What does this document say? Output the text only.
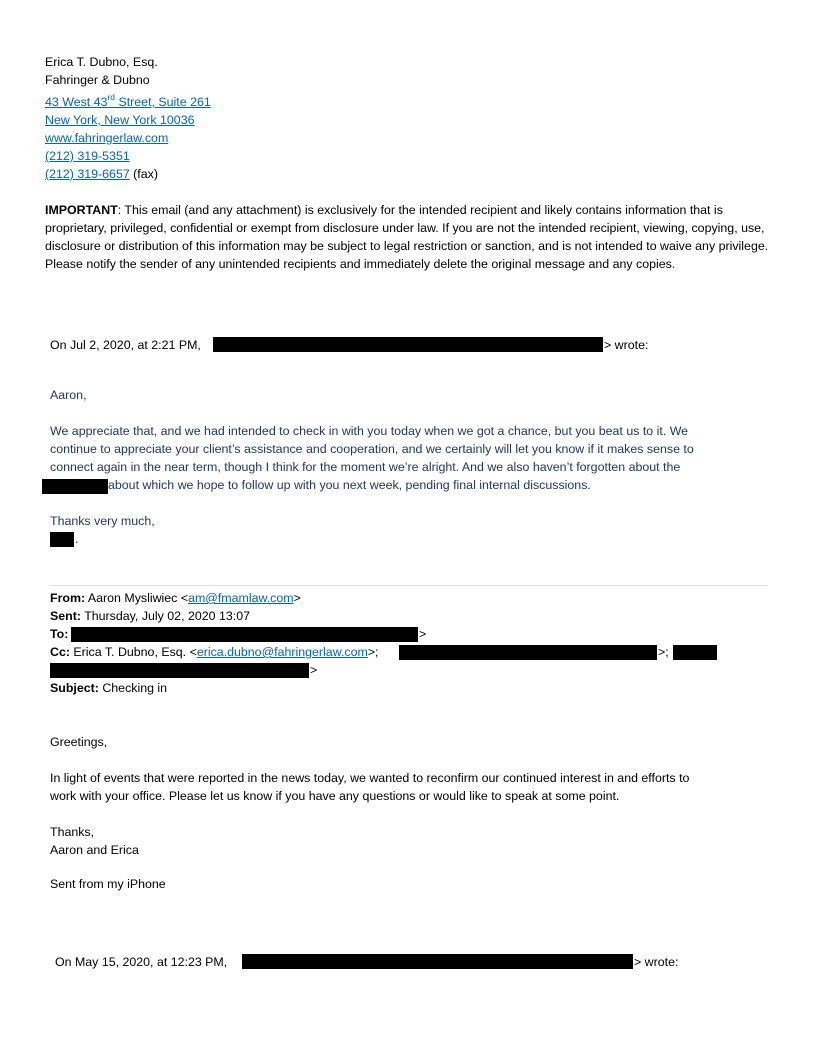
Erica T. Dubno, Esq.
Fahringer & Dubno
43 West 43rd Street, Suite 261
New York, New York 10036
www.fahringerlaw.com
(212) 319-5351
(212) 319-6657 (fax)
IMPORTANT: This email (and any attachment) is exclusively for the intended recipient and likely contains information that is proprietary, privileged, confidential or exempt from disclosure under law. If you are not the intended recipient, viewing, copying, use, disclosure or distribution of this information may be subject to legal restriction or sanction, and is not intended to waive any privilege. Please notify the sender of any unintended recipients and immediately delete the original message and any copies.
On Jul 2, 2020, at 2:21 PM,	> wrote:
Aaron,
We appreciate that, and we had intended to check in with you today when we got a chance, but you beat us to it. We
continue to appreciate your client’s assistance and cooperation, and we certainly will let you know if it makes sense to
connect again in the near term, though I think for the moment we’re alright. And we also haven’t forgotten about the
about which we hope to follow up with you next week, pending final internal discussions.
Thanks very much,
.
From: Aaron Mysliwiec <am@fmamlaw.com>
Sent: Thursday, July 02, 2020 13:07
To:	>
Cc: Erica T. Dubno, Esq. <erica.dubno@fahringerlaw.com>;	>;
>
Subject: Checking in
Greetings,
In light of events that were reported in the news today, we wanted to reconfirm our continued interest in and efforts to
work with your office. Please let us know if you have any questions or would like to speak at some point.
Thanks,
Aaron and Erica
Sent from my iPhone
On May 15, 2020, at 12:23 PM,	> wrote:
